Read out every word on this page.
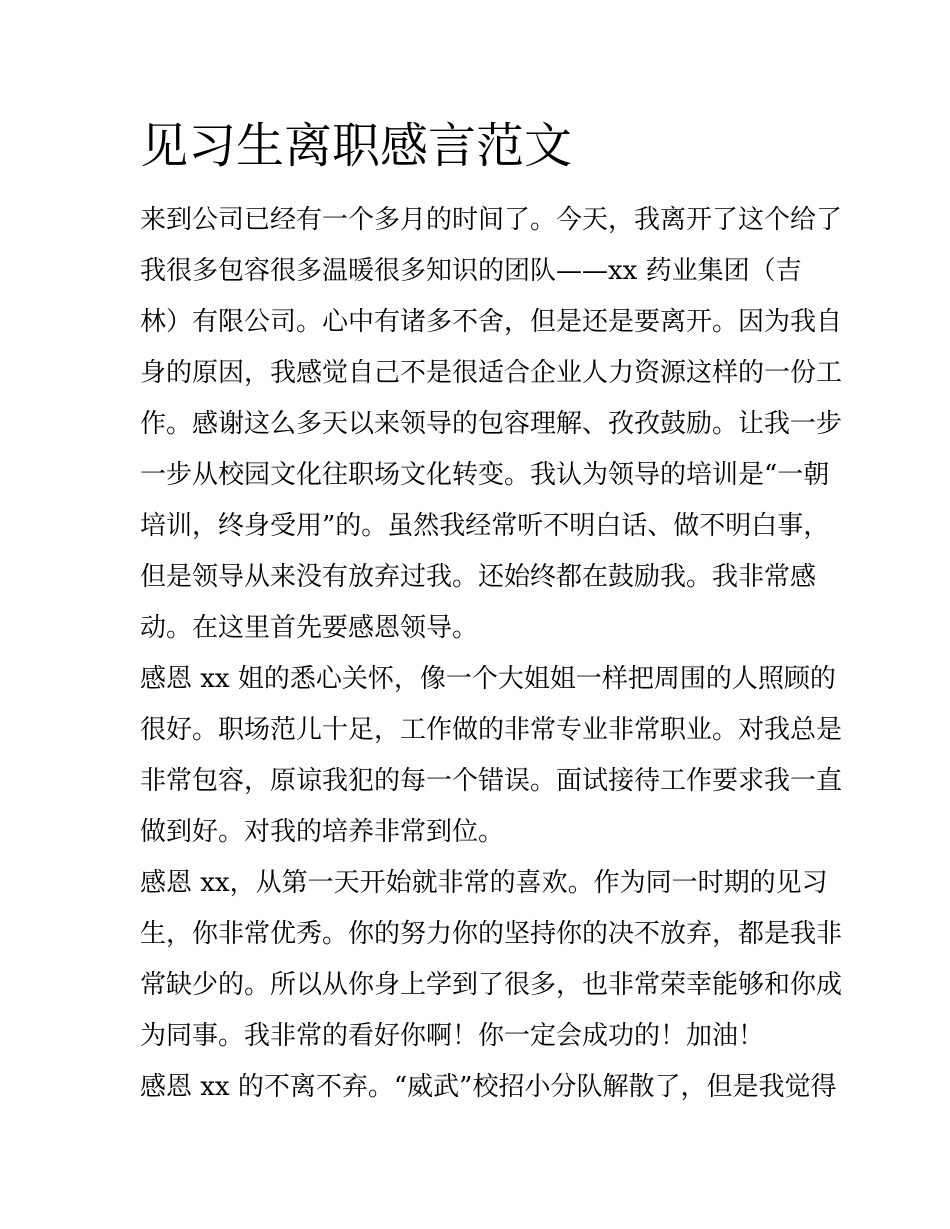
见习生离职感言范文
来到公司已经有一个多月的时间了。今天，我离开了这个给了
我很多包容很多温暖很多知识的团队——xx 药业集团（吉
林）有限公司。心中有诸多不舍，但是还是要离开。因为我自
身的原因，我感觉自己不是很适合企业人力资源这样的一份工
作。感谢这么多天以来领导的包容理解、孜孜鼓励。让我一步
一步从校园文化往职场文化转变。我认为领导的培训是“一朝
培训，终身受用”的。虽然我经常听不明白话、做不明白事，
但是领导从来没有放弃过我。还始终都在鼓励我。我非常感
动。在这里首先要感恩领导。
感恩 xx 姐的悉心关怀，像一个大姐姐一样把周围的人照顾的
很好。职场范儿十足，工作做的非常专业非常职业。对我总是
非常包容，原谅我犯的每一个错误。面试接待工作要求我一直
做到好。对我的培养非常到位。
感恩 xx，从第一天开始就非常的喜欢。作为同一时期的见习
生，你非常优秀。你的努力你的坚持你的决不放弃，都是我非
常缺少的。所以从你身上学到了很多，也非常荣幸能够和你成
为同事。我非常的看好你啊！你一定会成功的！加油！
感恩 xx 的不离不弃。“威武”校招小分队解散了，但是我觉得
